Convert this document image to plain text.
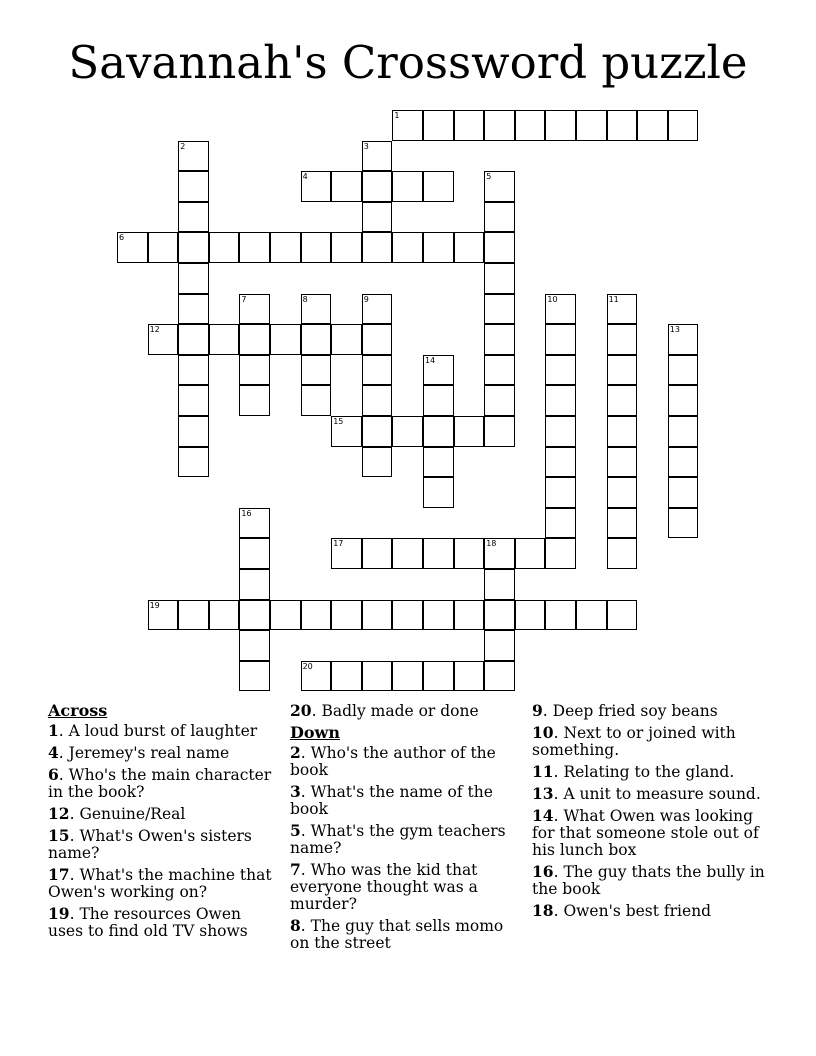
Savannah's Crossword puzzle
1
4
6
12
15
17	18
19
20
2	3
5
7	8	9	10	11
13
14
16
Across

1. A loud burst of laughter

4. Jeremey's real name

6. Who's the main character in the book?

12. Genuine/Real

15. What's Owen's sisters name?

17. What's the machine that Owen's working on?

19. The resources Owen uses to find old TV shows

20. Badly made or done

Down

2. Who's the author of the book

3. What's the name of the book

5. What's the gym teachers name?

7. Who was the kid that everyone thought was a murder?

8. The guy that sells momo on the street

9. Deep fried soy beans

10. Next to or joined with something.

11. Relating to the gland.

13. A unit to measure sound.

14. What Owen was looking for that someone stole out of his lunch box

16. The guy thats the bully in the book

18. Owen's best friend
